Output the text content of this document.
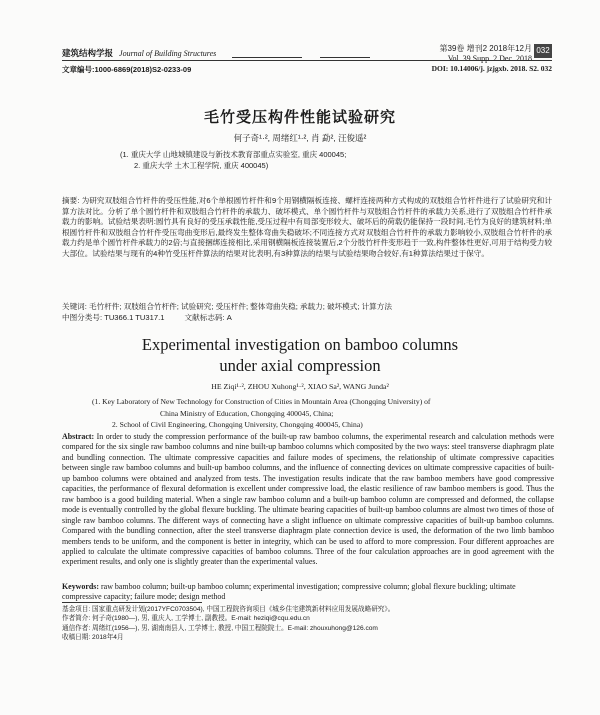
建筑结构学报 Journal of Building Structures
第39卷 增刊2 2018年12月
Vol. 39 Supp. 2 Dec. 2018
032
文章编号:1000-6869(2018)S2-0233-09	DOI: 10.14006/j. jzjgxb. 2018. S2. 032
毛竹受压构件性能试验研究
何子奇¹·², 周绪红¹·², 肖 勐², 汪俊遥²
(1. 重庆大学 山地城镇建设与新技术教育部重点实验室, 重庆 400045;
2. 重庆大学 土木工程学院, 重庆 400045)
摘要: 为研究双肢组合竹杆件的受压性能,对6个单根圆竹杆件和9个用钢横隔板连接、螺杆连接两种方式构成的双肢组合竹杆件进行了试验研究和计算方法对比。分析了单个圆竹杆件和双肢组合竹杆件的承载力、破坏模式、单个圆竹杆件与双肢组合竹杆件的承载力关系,进行了双肢组合竹杆件承载力的影响。试验结果表明:圆竹具有良好的受压承载性能,受压过程中有局部变形较大、破坏后的荷载仍能保持一段时间,毛竹为良好的建筑材料;单根圆竹杆件和双肢组合竹杆件受压弯曲变形后,最终发生整体弯曲失稳破坏;不同连接方式对双肢组合竹杆件的承载力影响较小,双肢组合竹杆件的承载力约是单个圆竹杆件承载力的2倍;与直接捆绑连接相比,采用钢横隔板连接装置后,2个分肢竹杆件变形趋于一致,构件整体性更好,可用于结构受力较大部位。试验结果与现有的4种竹受压杆件算法的结果对比表明,有3种算法的结果与试验结果吻合较好,有1种算法结果过于保守。
关键词: 毛竹杆件; 双肢组合竹杆件; 试验研究; 受压杆件; 整体弯曲失稳; 承载力; 破坏模式; 计算方法
中图分类号: TU366.1 TU317.1	文献标志码: A
Experimental investigation on bamboo columns
under axial compression
HE Ziqi¹·², ZHOU Xuhong¹·², XIAO Sa², WANG Junda²
(1. Key Laboratory of New Technology for Construction of Cities in Mountain Area (Chongqing University) of
China Ministry of Education, Chongqing 400045, China;
2. School of Civil Engineering, Chongqing University, Chongqing 400045, China)
Abstract: In order to study the compression performance of the built-up raw bamboo columns, the experimental research and calculation methods were compared for the six single raw bamboo columns and nine built-up bamboo columns which composited by the two ways: steel transverse diaphragm plate and bundling connection. The ultimate compressive capacities and failure modes of specimens, the relationship of ultimate compressive capacities between single raw bamboo columns and built-up bamboo columns, and the influence of connecting devices on ultimate compressive capacities of built-up bamboo columns were obtained and analyzed from tests. The investigation results indicate that the raw bamboo members have good compressive capacities, the performance of flexural deformation is excellent under compressive load, the elastic resilience of raw bamboo members is good. Thus the raw bamboo is a good building material. When a single raw bamboo column and a built-up bamboo column are compressed and deformed, the collapse mode is eventually controlled by the global flexure buckling. The ultimate bearing capacities of built-up bamboo columns are almost two times of those of single raw bamboo columns. The different ways of connecting have a slight influence on ultimate compressive capacities of built-up bamboo columns. Compared with the bundling connection, after the steel transverse diaphragm plate connection device is used, the deformation of the two limb bamboo members tends to be uniform, and the component is better in integrity, which can be used to afford to more compression. Four different approaches are applied to calculate the ultimate compressive capacities of bamboo columns. Three of the four calculation approaches are in good agreement with the experiment results, and only one is slightly greater than the experimental values.
Keywords: raw bamboo column; built-up bamboo column; experimental investigation; compressive column; global flexure buckling; ultimate compressive capacity; failure mode; design method
基金项目: 国家重点研发计划(2017YFC0703504), 中国工程院咨询项目《城乡住宅建筑新材料应用发展战略研究》。
作者简介: 何子奇(1980—), 男, 重庆人, 工学博士, 副教授。E-mail: heziqi@cqu.edu.cn
通信作者: 周绪红(1956—), 男, 湖南南县人, 工学博士, 教授, 中国工程院院士。E-mail: zhouxuhong@126.com
收稿日期: 2018年4月
